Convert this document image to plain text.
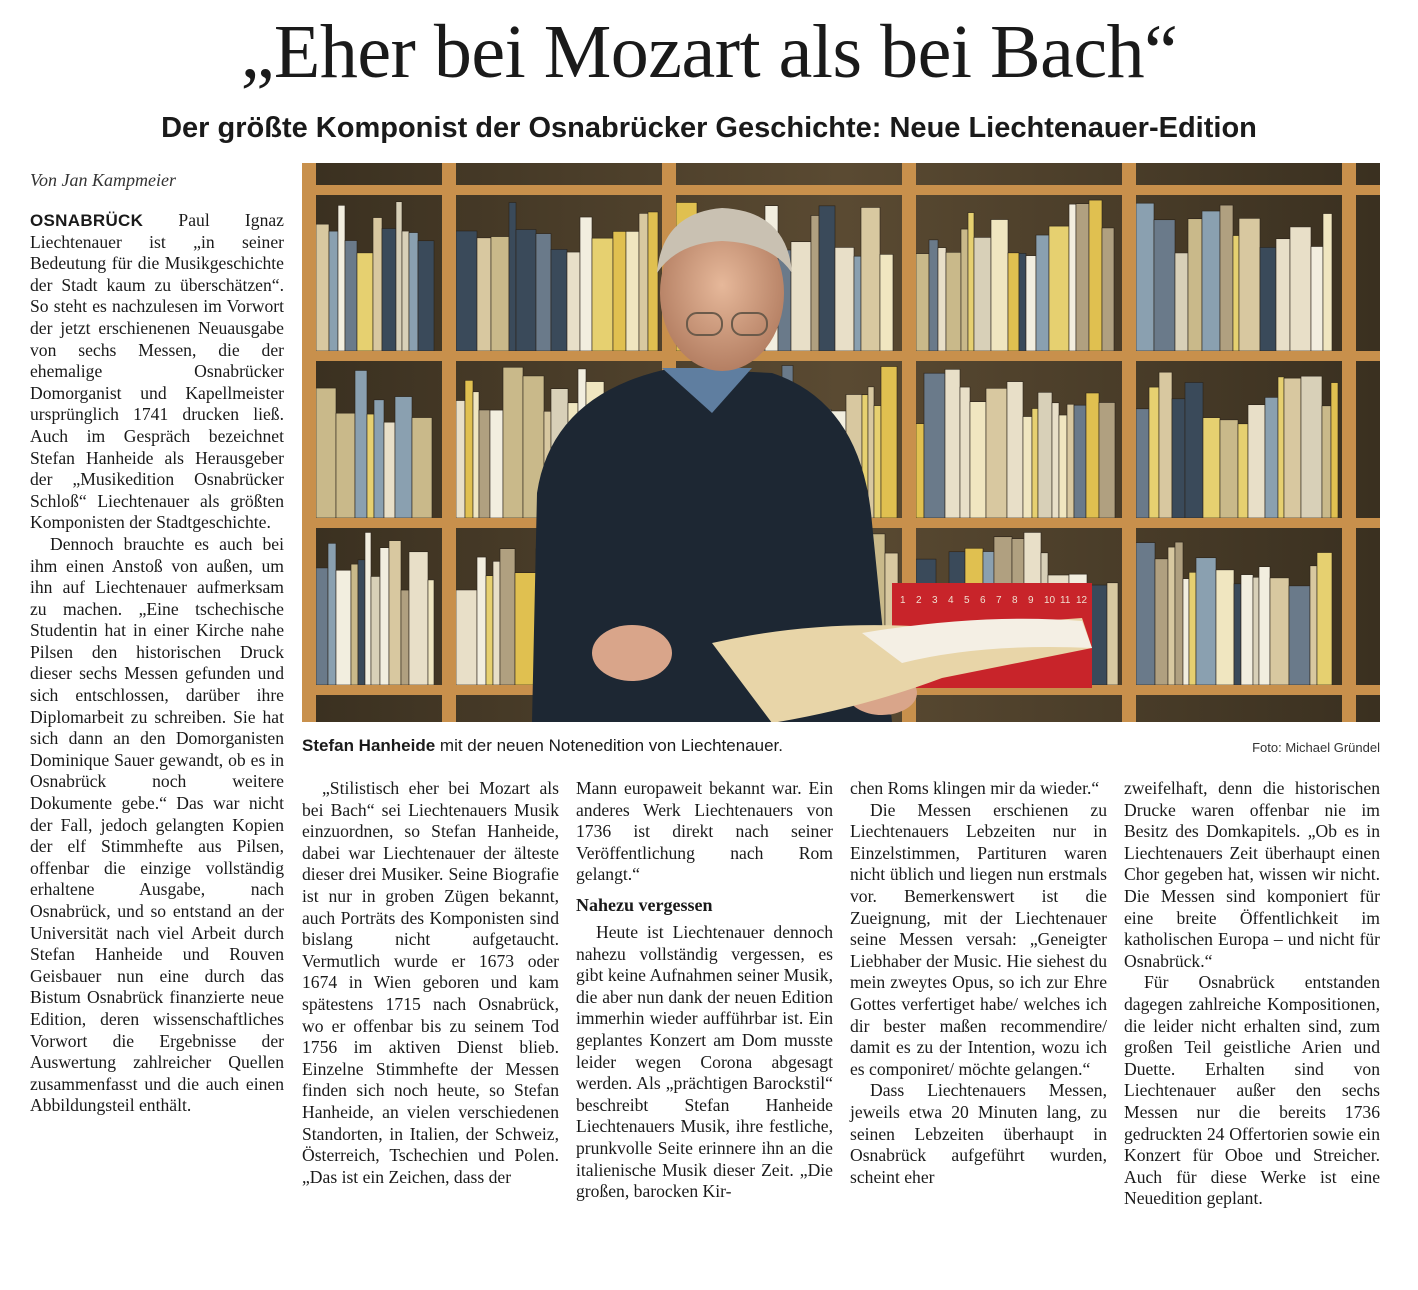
„Eher bei Mozart als bei Bach“
Der größte Komponist der Osnabrücker Geschichte: Neue Liechtenauer-Edition
Von Jan Kampmeier

OSNABRÜCK Paul Ignaz Liechtenauer ist „in seiner Bedeutung für die Musikgeschichte der Stadt kaum zu überschätzen“. So steht es nachzulesen im Vorwort der jetzt erschienenen Neuausgabe von sechs Messen, die der ehemalige Osnabrücker Domorganist und Kapellmeister ursprünglich 1741 drucken ließ. Auch im Gespräch bezeichnet Stefan Hanheide als Herausgeber der „Musikedition Osnabrücker Schloß“ Liechtenauer als größten Komponisten der Stadtgeschichte.

Dennoch brauchte es auch bei ihm einen Anstoß von außen, um ihn auf Liechtenauer aufmerksam zu machen. „Eine tschechische Studentin hat in einer Kirche nahe Pilsen den historischen Druck dieser sechs Messen gefunden und sich entschlossen, darüber ihre Diplomarbeit zu schreiben. Sie hat sich dann an den Domorganisten Dominique Sauer gewandt, ob es in Osnabrück noch weitere Dokumente gebe.“ Das war nicht der Fall, jedoch gelangten Kopien der elf Stimmhefte aus Pilsen, offenbar die einzige vollständig erhaltene Ausgabe, nach Osnabrück, und so entstand an der Universität nach viel Arbeit durch Stefan Hanheide und Rouven Geisbauer nun eine durch das Bistum Osnabrück finanzierte neue Edition, deren wissenschaftliches Vorwort die Ergebnisse der Auswertung zahlreicher Quellen zusammenfasst und die auch einen Abbildungsteil enthält.

1 2 3 4 5 6 7 8 9 10 11 12
Stefan Hanheide mit der neuen Notenedition von Liechtenauer.	Foto: Michael Gründel

„Stilistisch eher bei Mozart als bei Bach“ sei Liechtenauers Musik einzuordnen, so Stefan Hanheide, dabei war Liechtenauer der älteste dieser drei Musiker. Seine Biografie ist nur in groben Zügen bekannt, auch Porträts des Komponisten sind bislang nicht aufgetaucht. Vermutlich wurde er 1673 oder 1674 in Wien geboren und kam spätestens 1715 nach Osnabrück, wo er offenbar bis zu seinem Tod 1756 im aktiven Dienst blieb. Einzelne Stimmhefte der Messen finden sich noch heute, so Stefan Hanheide, an vielen verschiedenen Standorten, in Italien, der Schweiz, Österreich, Tschechien und Polen. „Das ist ein Zeichen, dass der

Mann europaweit bekannt war. Ein anderes Werk Liechtenauers von 1736 ist direkt nach seiner Veröffentlichung nach Rom gelangt.“

Nahezu vergessen

Heute ist Liechtenauer dennoch nahezu vollständig vergessen, es gibt keine Aufnahmen seiner Musik, die aber nun dank der neuen Edition immerhin wieder aufführbar ist. Ein geplantes Konzert am Dom musste leider wegen Corona abgesagt werden. Als „prächtigen Barockstil“ beschreibt Stefan Hanheide Liechtenauers Musik, ihre festliche, prunkvolle Seite erinnere ihn an die italienische Musik dieser Zeit. „Die großen, barocken Kir-

chen Roms klingen mir da wieder.“

Die Messen erschienen zu Liechtenauers Lebzeiten nur in Einzelstimmen, Partituren waren nicht üblich und liegen nun erstmals vor. Bemerkenswert ist die Zueignung, mit der Liechtenauer seine Messen versah: „Geneigter Liebhaber der Music. Hie siehest du mein zweytes Opus, so ich zur Ehre Gottes verfertiget habe/ welches ich dir bester maßen recommendire/ damit es zu der Intention, wozu ich es componiret/ möchte gelangen.“

Dass Liechtenauers Messen, jeweils etwa 20 Minuten lang, zu seinen Lebzeiten überhaupt in Osnabrück aufgeführt wurden, scheint eher

zweifelhaft, denn die historischen Drucke waren offenbar nie im Besitz des Domkapitels. „Ob es in Liechtenauers Zeit überhaupt einen Chor gegeben hat, wissen wir nicht. Die Messen sind komponiert für eine breite Öffentlichkeit im katholischen Europa – und nicht für Osnabrück.“

Für Osnabrück entstanden dagegen zahlreiche Kompositionen, die leider nicht erhalten sind, zum großen Teil geistliche Arien und Duette. Erhalten sind von Liechtenauer außer den sechs Messen nur die bereits 1736 gedruckten 24 Offertorien sowie ein Konzert für Oboe und Streicher. Auch für diese Werke ist eine Neuedition geplant.
